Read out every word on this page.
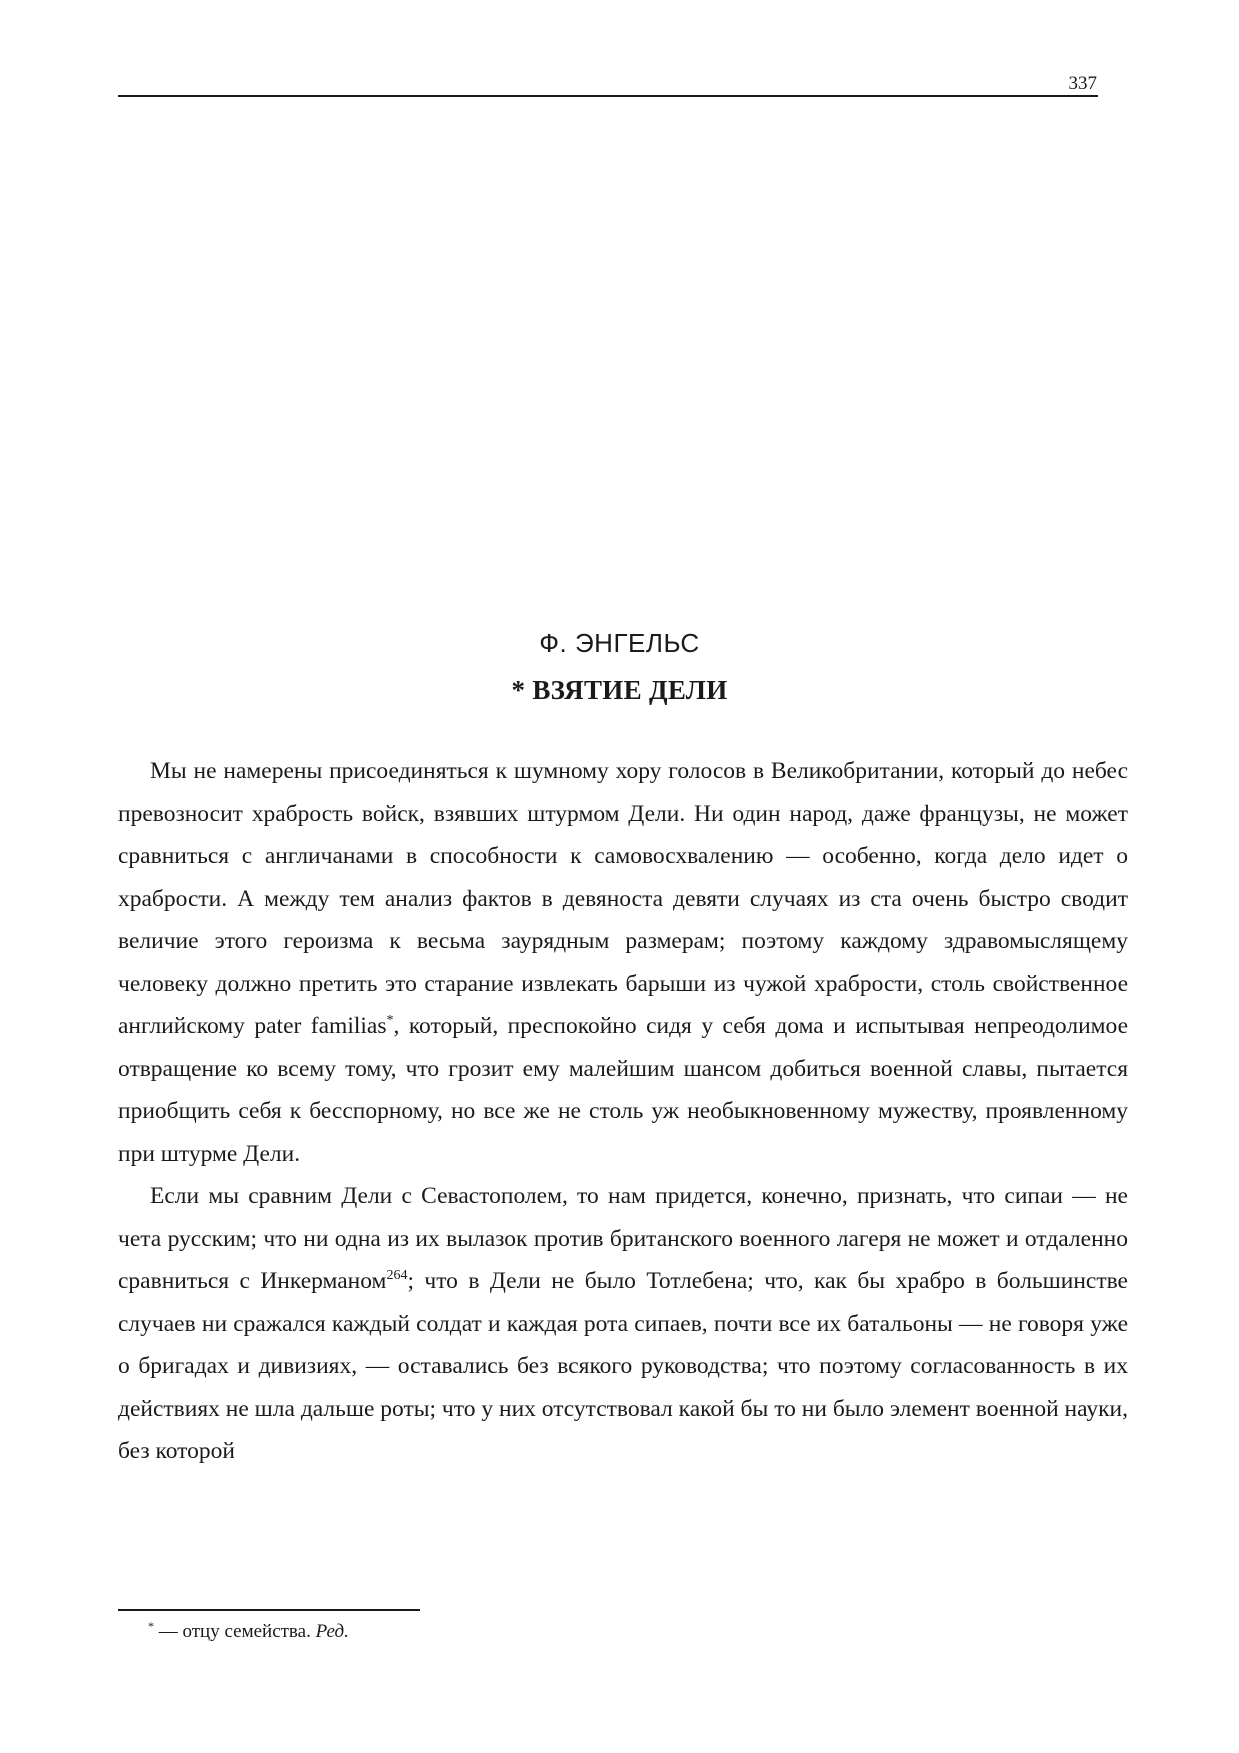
337
Ф. ЭНГЕЛЬС
* ВЗЯТИЕ ДЕЛИ

Мы не намерены присоединяться к шумному хору голосов в Великобритании, который до небес превозносит храбрость войск, взявших штурмом Дели. Ни один народ, даже французы, не может сравниться с англичанами в способности к самовосхвалению — особенно, когда дело идет о храбрости. А между тем анализ фактов в девяноста девяти случаях из ста очень быстро сводит величие этого героизма к весьма заурядным размерам; поэтому каждому здравомыслящему человеку должно претить это старание извлекать барыши из чужой храбрости, столь свойственное английскому pater familias*, который, преспокойно сидя у себя дома и испытывая непреодолимое отвращение ко всему тому, что грозит ему малейшим шансом добиться военной славы, пытается приобщить себя к бесспорному, но все же не столь уж необыкновенному мужеству, проявленному при штурме Дели.

Если мы сравним Дели с Севастополем, то нам придется, конечно, признать, что сипаи — не чета русским; что ни одна из их вылазок против британского военного лагеря не может и отдаленно сравниться с Инкерманом$^{264}$; что в Дели не было Тотлебена; что, как бы храбро в большинстве случаев ни сражался каждый солдат и каждая рота сипаев, почти все их батальоны — не говоря уже о бригадах и дивизиях, — оставались без всякого руководства; что поэтому согласованность в их действиях не шла дальше роты; что у них отсутствовал какой бы то ни было элемент военной науки, без которой

* — отцу семейства. Ред.
